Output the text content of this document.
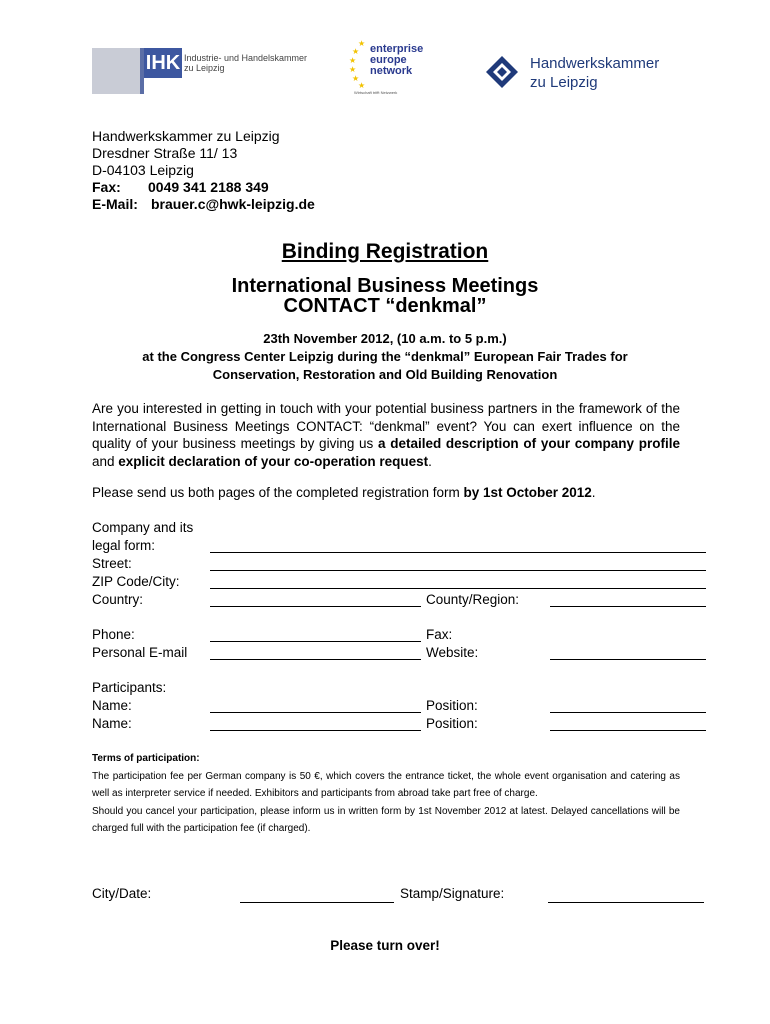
IHK Industrie- und Handelskammer
zu Leipzig
★
★
★
★
★
★
enterprise
europe
network
Wirtschaft trifft Netzwerk
Handwerkskammer
zu Leipzig
Handwerkskammer zu Leipzig
Dresdner Straße 11/ 13
D-04103 Leipzig
Fax: 0049 341 2188 349
E-Mail: brauer.c@hwk-leipzig.de
Binding Registration
International Business Meetings
CONTACT “denkmal”
23th November 2012, (10 a.m. to 5 p.m.)
at the Congress Center Leipzig during the “denkmal” European Fair Trades for
Conservation, Restoration and Old Building Renovation
Are you interested in getting in touch with your potential business partners in the framework of the International Business Meetings CONTACT: “denkmal” event? You can exert influence on the quality of your business meetings by giving us a detailed description of your company profile and explicit declaration of your co-operation request.
Please send us both pages of the completed registration form by 1st October 2012.
Company and its
legal form:
Street:
ZIP Code/City:
Country:	County/Region:
Phone:	Fax:
Personal E-mail	Website:
Participants:
Name:	Position:
Name:	Position:
Terms of participation:
The participation fee per German company is 50 €, which covers the entrance ticket, the whole event organisation and catering as well as interpreter service if needed. Exhibitors and participants from abroad take part free of charge.
Should you cancel your participation, please inform us in written form by 1st November 2012 at latest. Delayed cancellations will be charged full with the participation fee (if charged).
City/Date:	Stamp/Signature:
Please turn over!
